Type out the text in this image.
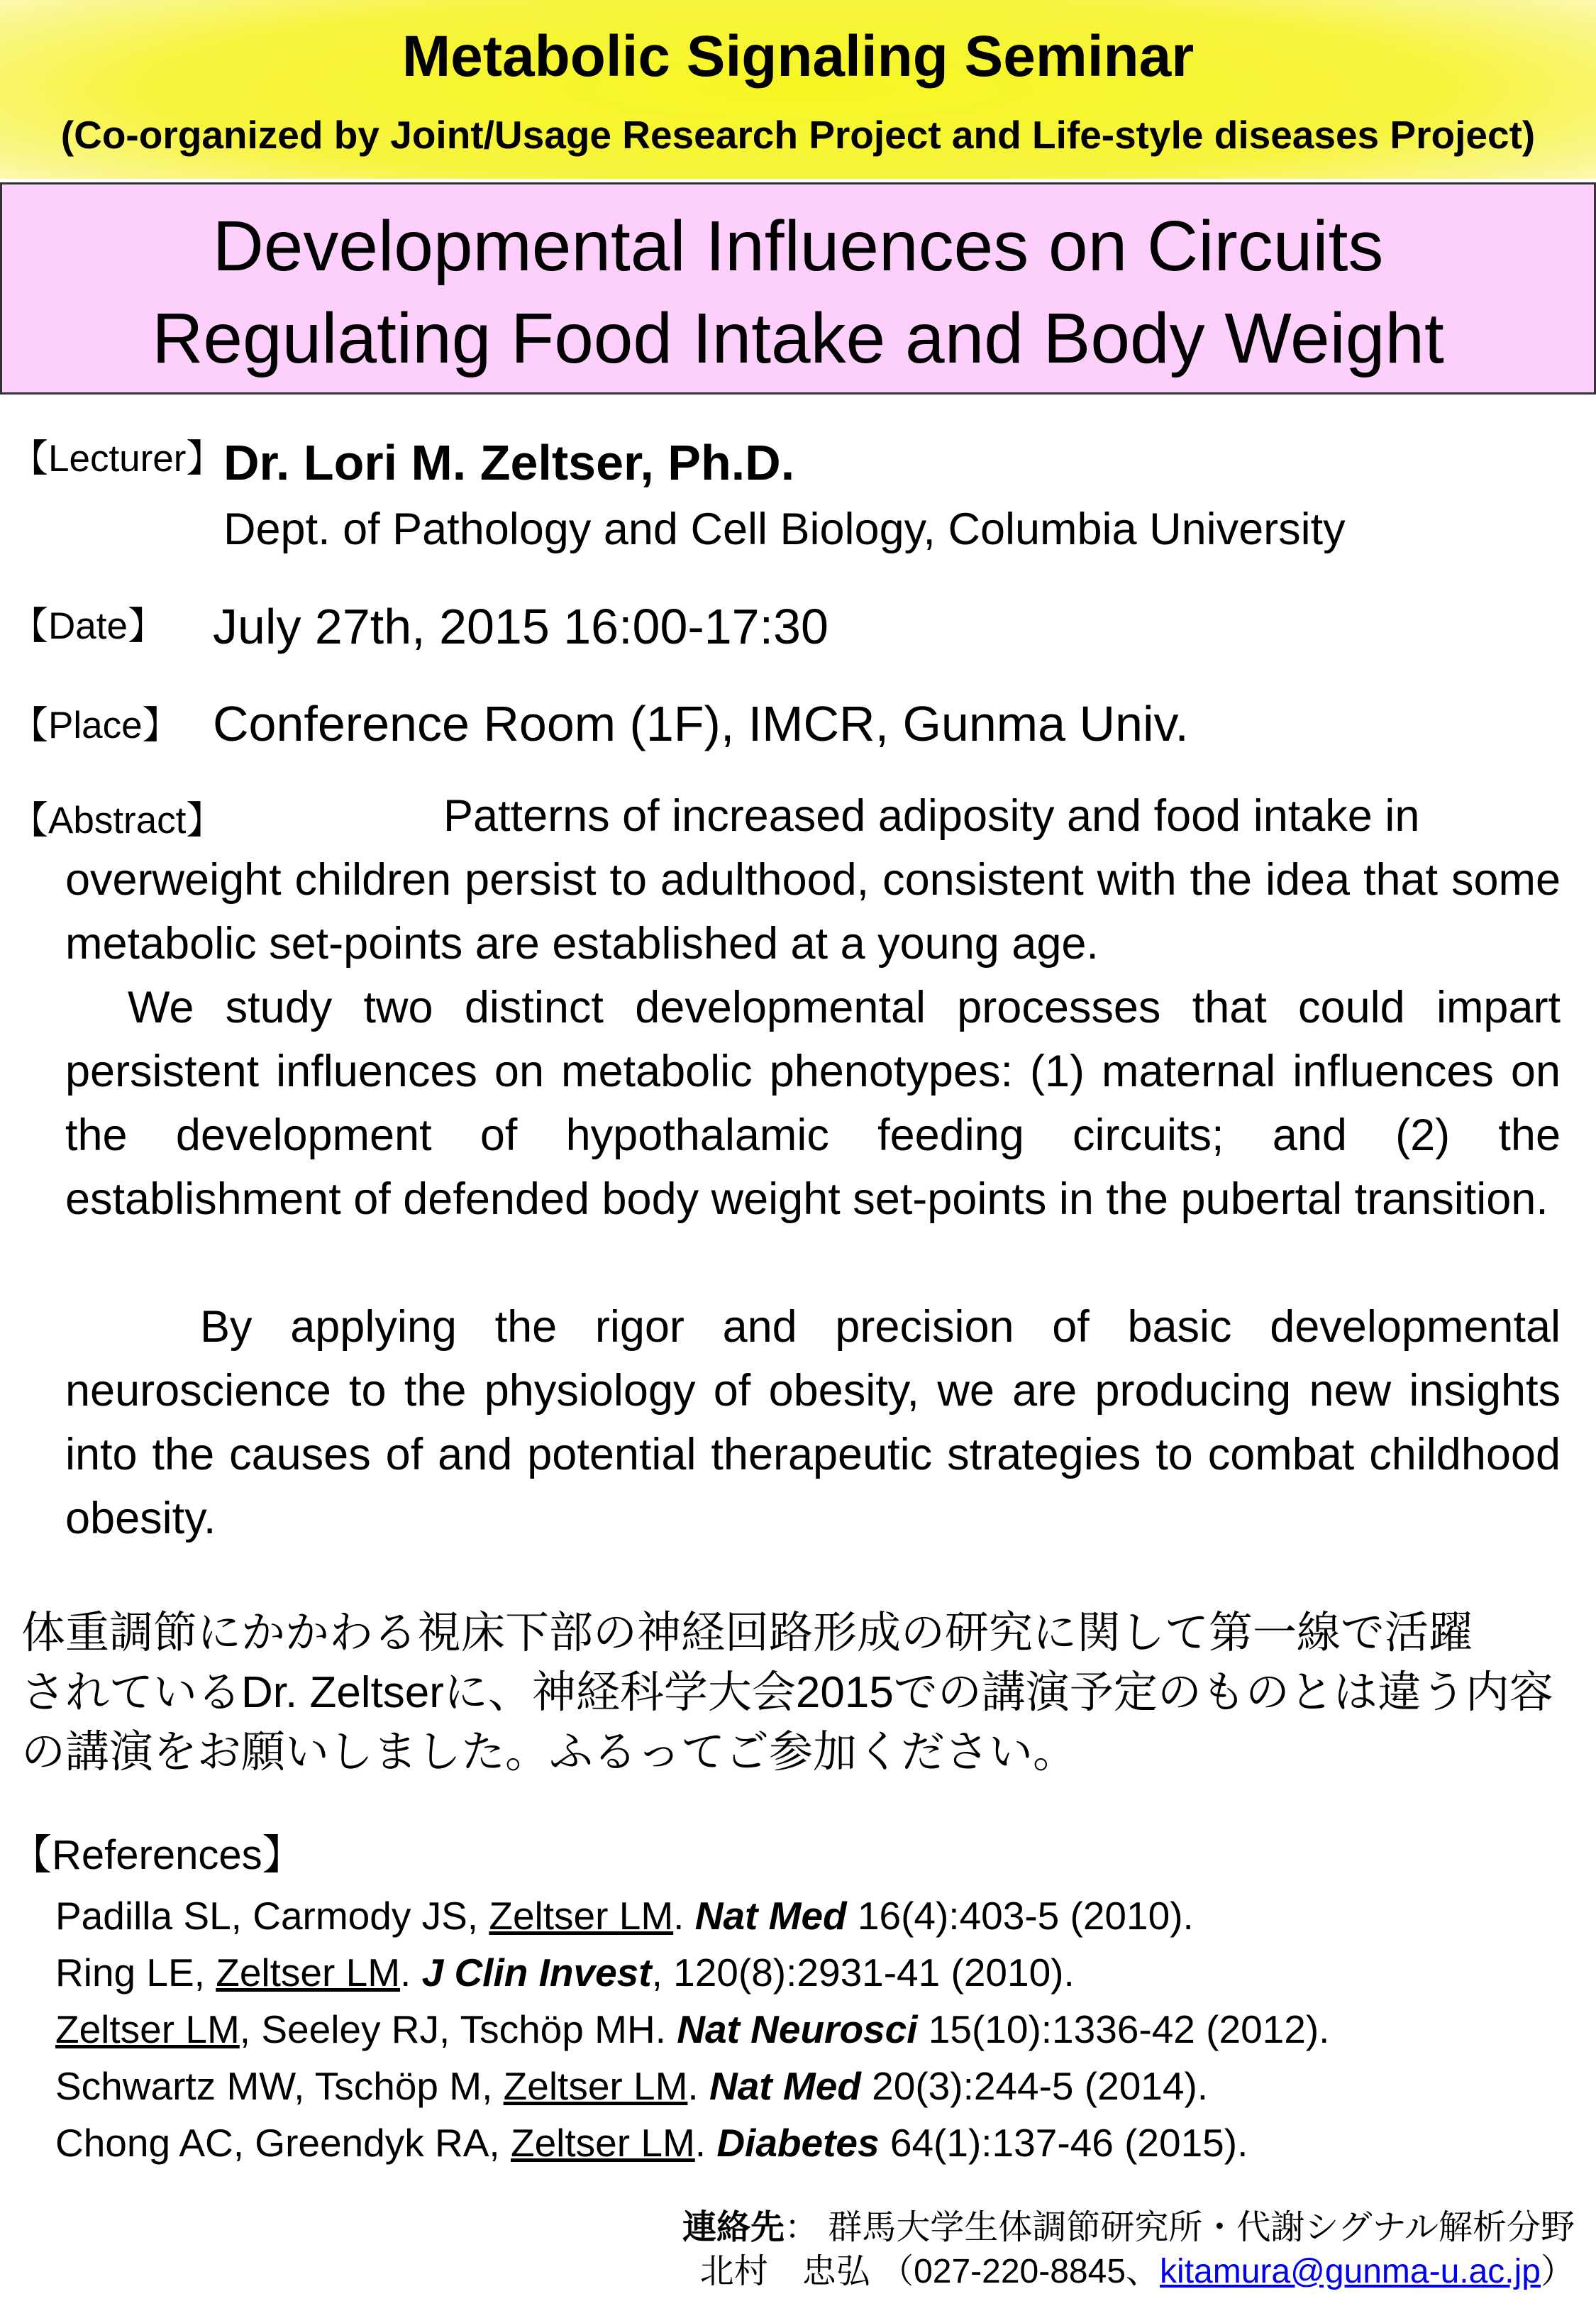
Metabolic Signaling Seminar
(Co-organized by Joint/Usage Research Project and Life-style diseases Project)
Developmental Influences on Circuits
Regulating Food Intake and Body Weight
【Lecturer】 Dr. Lori M. Zeltser, Ph.D.
Dept. of Pathology and Cell Biology, Columbia University
【Date】 July 27th, 2015 16:00-17:30
【Place】 Conference Room (1F), IMCR, Gunma Univ.
【Abstract】	Patterns of increased adiposity and food intake in
overweight children persist to adulthood, consistent with the idea that some metabolic set-points are established at a young age.
We study two distinct developmental processes that could impart persistent influences on metabolic phenotypes: (1) maternal influences on the development of hypothalamic feeding circuits; and (2) the establishment of defended body weight set-points in the pubertal transition.
By applying the rigor and precision of basic developmental neuroscience to the physiology of obesity, we are producing new insights into the causes of and potential therapeutic strategies to combat childhood obesity.
体重調節にかかわる視床下部の神経回路形成の研究に関して第一線で活躍
されているDr. Zeltserに、神経科学大会2015での講演予定のものとは違う内容
の講演をお願いしました。ふるってご参加ください。
【References】
Padilla SL, Carmody JS, Zeltser LM. Nat Med 16(4):403-5 (2010).
Ring LE, Zeltser LM. J Clin Invest, 120(8):2931-41 (2010).
Zeltser LM, Seeley RJ, Tschöp MH. Nat Neurosci 15(10):1336-42 (2012).
Schwartz MW, Tschöp M, Zeltser LM. Nat Med 20(3):244-5 (2014).
Chong AC, Greendyk RA, Zeltser LM. Diabetes 64(1):137-46 (2015).
連絡先： 群馬大学生体調節研究所・代謝シグナル解析分野
北村　忠弘 （027-220-8845、kitamura@gunma-u.ac.jp）
